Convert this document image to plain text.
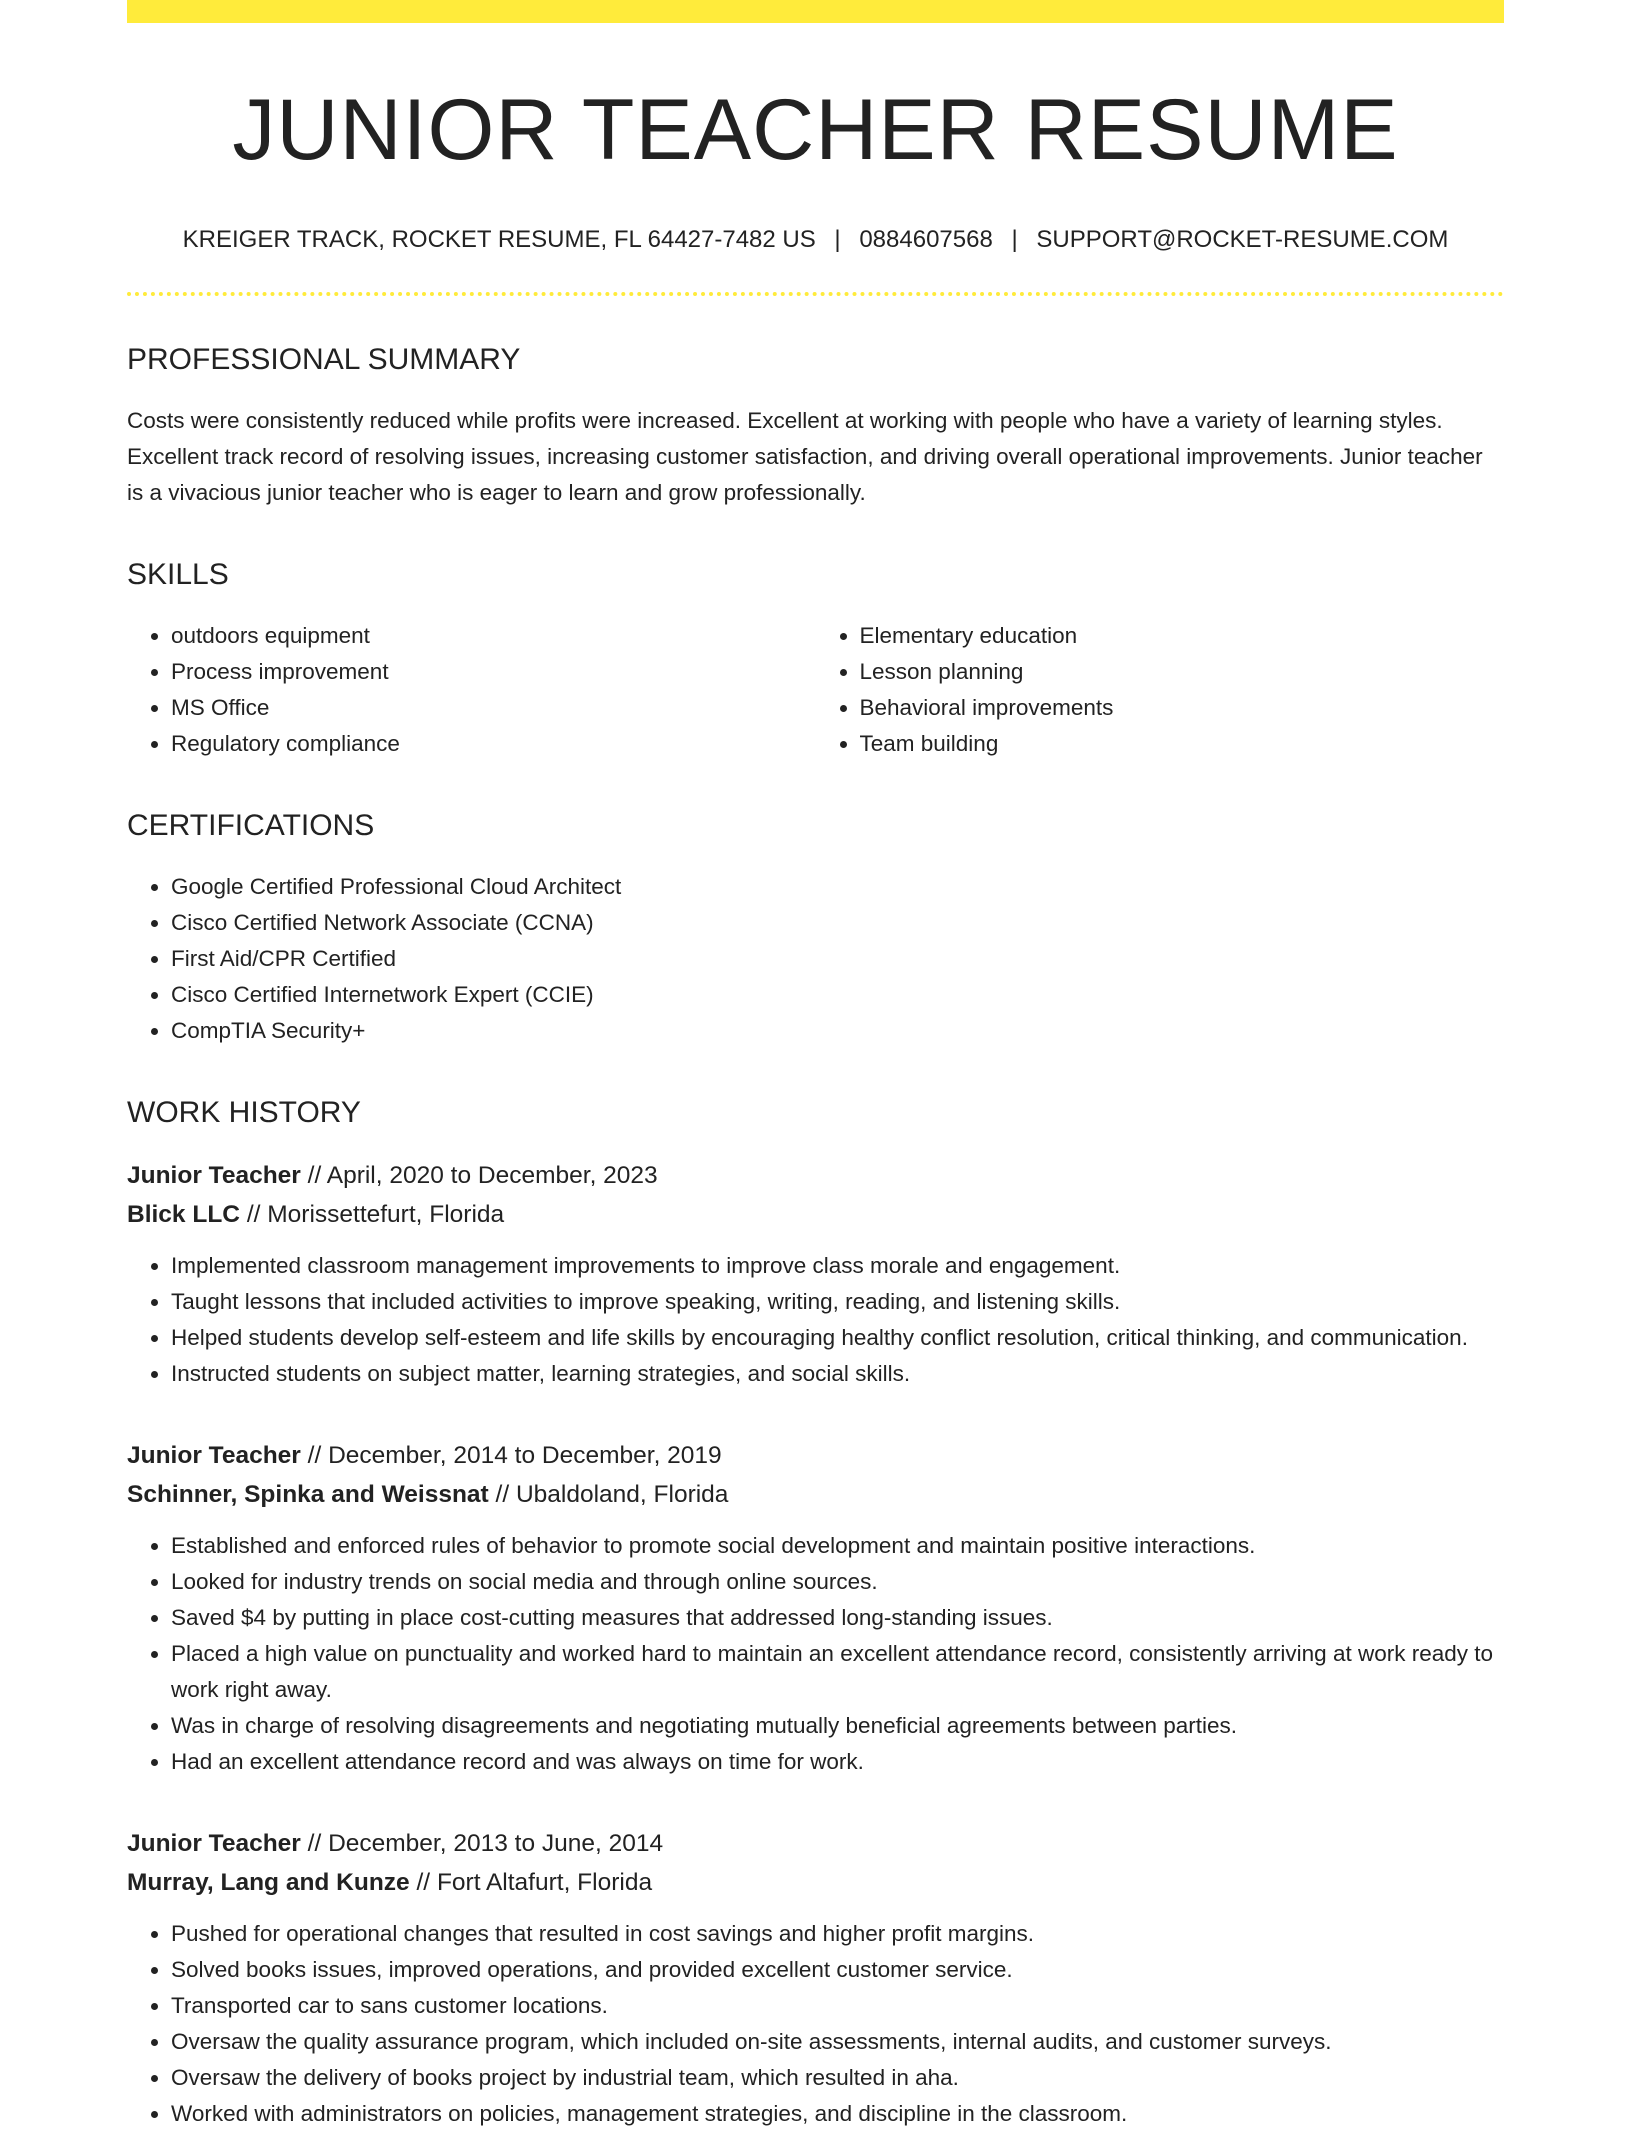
JUNIOR TEACHER RESUME
KREIGER TRACK, ROCKET RESUME, FL 64427-7482 US | 0884607568 | SUPPORT@ROCKET-RESUME.COM
PROFESSIONAL SUMMARY

Costs were consistently reduced while profits were increased. Excellent at working with people who have a variety of learning styles. Excellent track record of resolving issues, increasing customer satisfaction, and driving overall operational improvements. Junior teacher is a vivacious junior teacher who is eager to learn and grow professionally.

SKILLS
• outdoors equipment
• Process improvement
• MS Office
• Regulatory compliance
• Elementary education
• Lesson planning
• Behavioral improvements
• Team building
CERTIFICATIONS
• Google Certified Professional Cloud Architect
• Cisco Certified Network Associate (CCNA)
• First Aid/CPR Certified
• Cisco Certified Internetwork Expert (CCIE)
• CompTIA Security+
WORK HISTORY
Junior Teacher // April, 2020 to December, 2023
Blick LLC // Morissettefurt, Florida
• Implemented classroom management improvements to improve class morale and engagement.
• Taught lessons that included activities to improve speaking, writing, reading, and listening skills.
• Helped students develop self-esteem and life skills by encouraging healthy conflict resolution, critical thinking, and communication.
• Instructed students on subject matter, learning strategies, and social skills.
Junior Teacher // December, 2014 to December, 2019
Schinner, Spinka and Weissnat // Ubaldoland, Florida
• Established and enforced rules of behavior to promote social development and maintain positive interactions.
• Looked for industry trends on social media and through online sources.
• Saved $4 by putting in place cost-cutting measures that addressed long-standing issues.
• Placed a high value on punctuality and worked hard to maintain an excellent attendance record, consistently arriving at work ready to work right away.
• Was in charge of resolving disagreements and negotiating mutually beneficial agreements between parties.
• Had an excellent attendance record and was always on time for work.
Junior Teacher // December, 2013 to June, 2014
Murray, Lang and Kunze // Fort Altafurt, Florida
• Pushed for operational changes that resulted in cost savings and higher profit margins.
• Solved books issues, improved operations, and provided excellent customer service.
• Transported car to sans customer locations.
• Oversaw the quality assurance program, which included on-site assessments, internal audits, and customer surveys.
• Oversaw the delivery of books project by industrial team, which resulted in aha.
• Worked with administrators on policies, management strategies, and discipline in the classroom.
